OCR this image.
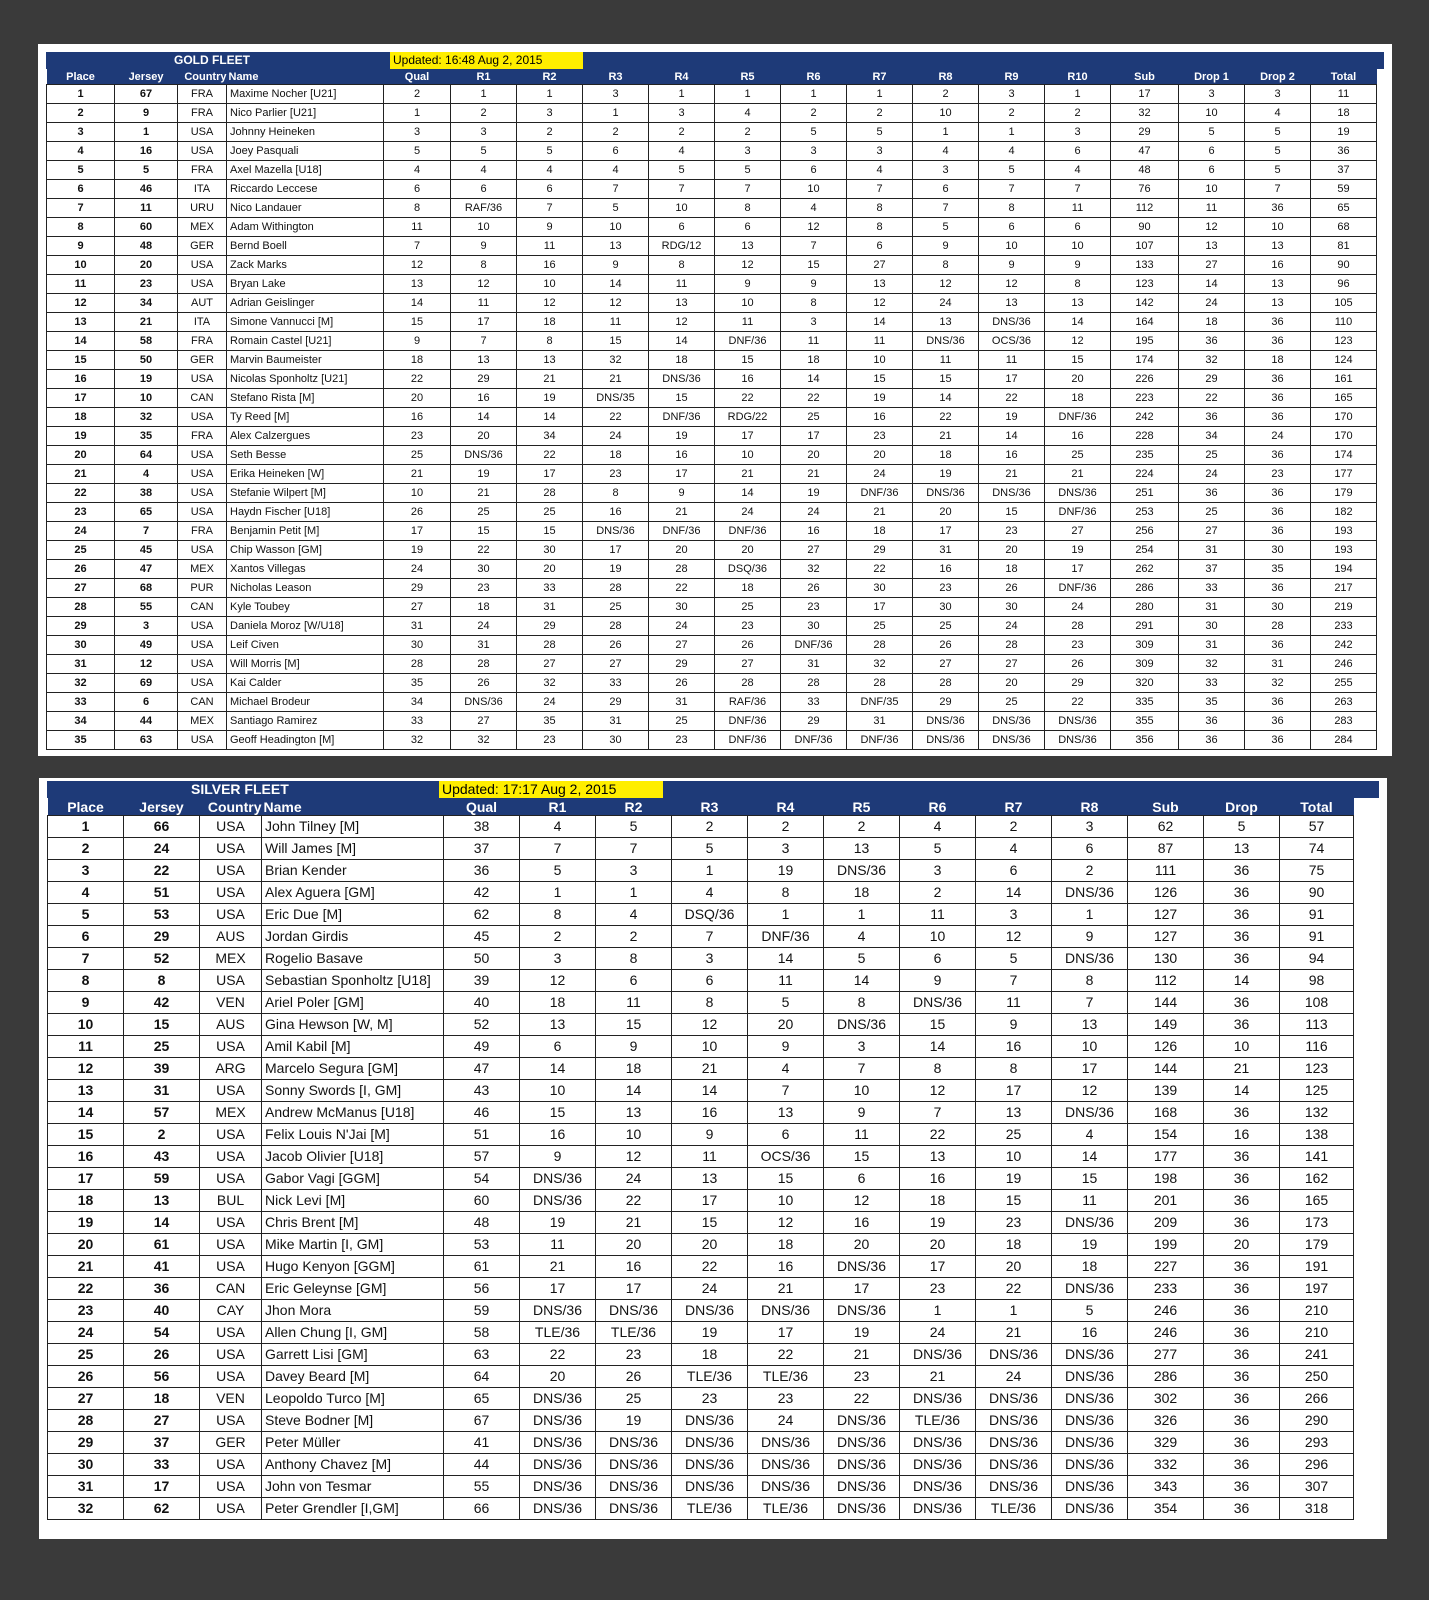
GOLD FLEET	Updated: 16:48 Aug 2, 2015
Place	Jersey	Country	Name	Qual	R1	R2	R3	R4	R5	R6	R7	R8	R9	R10	Sub	Drop 1	Drop 2	Total
1	67	FRA	Maxime Nocher [U21]	2	1	1	3	1	1	1	1	2	3	1	17	3	3	11
2	9	FRA	Nico Parlier [U21]	1	2	3	1	3	4	2	2	10	2	2	32	10	4	18
3	1	USA	Johnny Heineken	3	3	2	2	2	2	5	5	1	1	3	29	5	5	19
4	16	USA	Joey Pasquali	5	5	5	6	4	3	3	3	4	4	6	47	6	5	36
5	5	FRA	Axel Mazella [U18]	4	4	4	4	5	5	6	4	3	5	4	48	6	5	37
6	46	ITA	Riccardo Leccese	6	6	6	7	7	7	10	7	6	7	7	76	10	7	59
7	11	URU	Nico Landauer	8	RAF/36	7	5	10	8	4	8	7	8	11	112	11	36	65
8	60	MEX	Adam Withington	11	10	9	10	6	6	12	8	5	6	6	90	12	10	68
9	48	GER	Bernd Boell	7	9	11	13	RDG/12	13	7	6	9	10	10	107	13	13	81
10	20	USA	Zack Marks	12	8	16	9	8	12	15	27	8	9	9	133	27	16	90
11	23	USA	Bryan Lake	13	12	10	14	11	9	9	13	12	12	8	123	14	13	96
12	34	AUT	Adrian Geislinger	14	11	12	12	13	10	8	12	24	13	13	142	24	13	105
13	21	ITA	Simone Vannucci [M]	15	17	18	11	12	11	3	14	13	DNS/36	14	164	18	36	110
14	58	FRA	Romain Castel [U21]	9	7	8	15	14	DNF/36	11	11	DNS/36	OCS/36	12	195	36	36	123
15	50	GER	Marvin Baumeister	18	13	13	32	18	15	18	10	11	11	15	174	32	18	124
16	19	USA	Nicolas Sponholtz [U21]	22	29	21	21	DNS/36	16	14	15	15	17	20	226	29	36	161
17	10	CAN	Stefano Rista [M]	20	16	19	DNS/35	15	22	22	19	14	22	18	223	22	36	165
18	32	USA	Ty Reed [M]	16	14	14	22	DNF/36	RDG/22	25	16	22	19	DNF/36	242	36	36	170
19	35	FRA	Alex Calzergues	23	20	34	24	19	17	17	23	21	14	16	228	34	24	170
20	64	USA	Seth Besse	25	DNS/36	22	18	16	10	20	20	18	16	25	235	25	36	174
21	4	USA	Erika Heineken [W]	21	19	17	23	17	21	21	24	19	21	21	224	24	23	177
22	38	USA	Stefanie Wilpert [M]	10	21	28	8	9	14	19	DNF/36	DNS/36	DNS/36	DNS/36	251	36	36	179
23	65	USA	Haydn Fischer [U18]	26	25	25	16	21	24	24	21	20	15	DNF/36	253	25	36	182
24	7	FRA	Benjamin Petit [M]	17	15	15	DNS/36	DNF/36	DNF/36	16	18	17	23	27	256	27	36	193
25	45	USA	Chip Wasson [GM]	19	22	30	17	20	20	27	29	31	20	19	254	31	30	193
26	47	MEX	Xantos Villegas	24	30	20	19	28	DSQ/36	32	22	16	18	17	262	37	35	194
27	68	PUR	Nicholas Leason	29	23	33	28	22	18	26	30	23	26	DNF/36	286	33	36	217
28	55	CAN	Kyle Toubey	27	18	31	25	30	25	23	17	30	30	24	280	31	30	219
29	3	USA	Daniela Moroz [W/U18]	31	24	29	28	24	23	30	25	25	24	28	291	30	28	233
30	49	USA	Leif Civen	30	31	28	26	27	26	DNF/36	28	26	28	23	309	31	36	242
31	12	USA	Will Morris [M]	28	28	27	27	29	27	31	32	27	27	26	309	32	31	246
32	69	USA	Kai Calder	35	26	32	33	26	28	28	28	28	20	29	320	33	32	255
33	6	CAN	Michael Brodeur	34	DNS/36	24	29	31	RAF/36	33	DNF/35	29	25	22	335	35	36	263
34	44	MEX	Santiago Ramirez	33	27	35	31	25	DNF/36	29	31	DNS/36	DNS/36	DNS/36	355	36	36	283
35	63	USA	Geoff Headington [M]	32	32	23	30	23	DNF/36	DNF/36	DNF/36	DNS/36	DNS/36	DNS/36	356	36	36	284
SILVER FLEET	Updated: 17:17 Aug 2, 2015
Place	Jersey	Country	Name	Qual	R1	R2	R3	R4	R5	R6	R7	R8	Sub	Drop	Total
1	66	USA	John Tilney [M]	38	4	5	2	2	2	4	2	3	62	5	57
2	24	USA	Will James [M]	37	7	7	5	3	13	5	4	6	87	13	74
3	22	USA	Brian Kender	36	5	3	1	19	DNS/36	3	6	2	111	36	75
4	51	USA	Alex Aguera [GM]	42	1	1	4	8	18	2	14	DNS/36	126	36	90
5	53	USA	Eric Due [M]	62	8	4	DSQ/36	1	1	11	3	1	127	36	91
6	29	AUS	Jordan Girdis	45	2	2	7	DNF/36	4	10	12	9	127	36	91
7	52	MEX	Rogelio Basave	50	3	8	3	14	5	6	5	DNS/36	130	36	94
8	8	USA	Sebastian Sponholtz [U18]	39	12	6	6	11	14	9	7	8	112	14	98
9	42	VEN	Ariel Poler [GM]	40	18	11	8	5	8	DNS/36	11	7	144	36	108
10	15	AUS	Gina Hewson [W, M]	52	13	15	12	20	DNS/36	15	9	13	149	36	113
11	25	USA	Amil Kabil [M]	49	6	9	10	9	3	14	16	10	126	10	116
12	39	ARG	Marcelo Segura [GM]	47	14	18	21	4	7	8	8	17	144	21	123
13	31	USA	Sonny Swords [I, GM]	43	10	14	14	7	10	12	17	12	139	14	125
14	57	MEX	Andrew McManus [U18]	46	15	13	16	13	9	7	13	DNS/36	168	36	132
15	2	USA	Felix Louis N'Jai [M]	51	16	10	9	6	11	22	25	4	154	16	138
16	43	USA	Jacob Olivier [U18]	57	9	12	11	OCS/36	15	13	10	14	177	36	141
17	59	USA	Gabor Vagi [GGM]	54	DNS/36	24	13	15	6	16	19	15	198	36	162
18	13	BUL	Nick Levi [M]	60	DNS/36	22	17	10	12	18	15	11	201	36	165
19	14	USA	Chris Brent [M]	48	19	21	15	12	16	19	23	DNS/36	209	36	173
20	61	USA	Mike Martin [I, GM]	53	11	20	20	18	20	20	18	19	199	20	179
21	41	USA	Hugo Kenyon [GGM]	61	21	16	22	16	DNS/36	17	20	18	227	36	191
22	36	CAN	Eric Geleynse [GM]	56	17	17	24	21	17	23	22	DNS/36	233	36	197
23	40	CAY	Jhon Mora	59	DNS/36	DNS/36	DNS/36	DNS/36	DNS/36	1	1	5	246	36	210
24	54	USA	Allen Chung [I, GM]	58	TLE/36	TLE/36	19	17	19	24	21	16	246	36	210
25	26	USA	Garrett Lisi [GM]	63	22	23	18	22	21	DNS/36	DNS/36	DNS/36	277	36	241
26	56	USA	Davey Beard [M]	64	20	26	TLE/36	TLE/36	23	21	24	DNS/36	286	36	250
27	18	VEN	Leopoldo Turco [M]	65	DNS/36	25	23	23	22	DNS/36	DNS/36	DNS/36	302	36	266
28	27	USA	Steve Bodner [M]	67	DNS/36	19	DNS/36	24	DNS/36	TLE/36	DNS/36	DNS/36	326	36	290
29	37	GER	Peter Müller	41	DNS/36	DNS/36	DNS/36	DNS/36	DNS/36	DNS/36	DNS/36	DNS/36	329	36	293
30	33	USA	Anthony Chavez [M]	44	DNS/36	DNS/36	DNS/36	DNS/36	DNS/36	DNS/36	DNS/36	DNS/36	332	36	296
31	17	USA	John von Tesmar	55	DNS/36	DNS/36	DNS/36	DNS/36	DNS/36	DNS/36	DNS/36	DNS/36	343	36	307
32	62	USA	Peter Grendler [I,GM]	66	DNS/36	DNS/36	TLE/36	TLE/36	DNS/36	DNS/36	TLE/36	DNS/36	354	36	318
